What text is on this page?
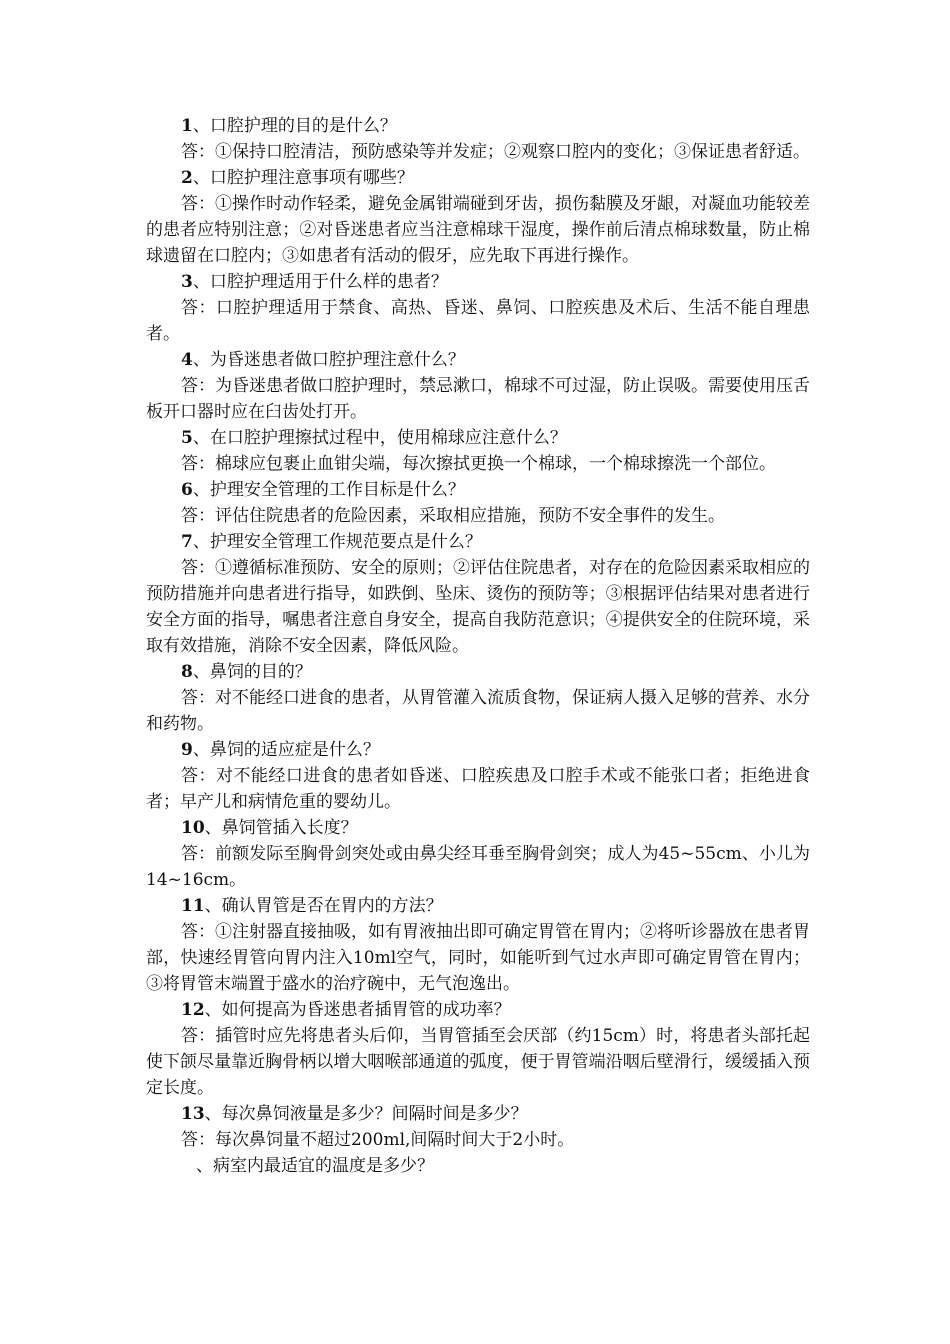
1、口腔护理的目的是什么？

答：①保持口腔清洁，预防感染等并发症；②观察口腔内的变化；③保证患者舒适。

2、口腔护理注意事项有哪些？

答：①操作时动作轻柔，避免金属钳端碰到牙齿，损伤黏膜及牙龈，对凝血功能较差的患者应特别注意；②对昏迷患者应当注意棉球干湿度，操作前后清点棉球数量，防止棉球遗留在口腔内；③如患者有活动的假牙，应先取下再进行操作。

3、口腔护理适用于什么样的患者？

答：口腔护理适用于禁食、高热、昏迷、鼻饲、口腔疾患及术后、生活不能自理患者。

4、为昏迷患者做口腔护理注意什么？

答：为昏迷患者做口腔护理时，禁忌漱口，棉球不可过湿，防止误吸。需要使用压舌板开口器时应在臼齿处打开。

5、在口腔护理擦拭过程中，使用棉球应注意什么？

答：棉球应包裹止血钳尖端，每次擦拭更换一个棉球，一个棉球擦洗一个部位。

6、护理安全管理的工作目标是什么？

答：评估住院患者的危险因素，采取相应措施，预防不安全事件的发生。

7、护理安全管理工作规范要点是什么？

答：①遵循标准预防、安全的原则；②评估住院患者，对存在的危险因素采取相应的预防措施并向患者进行指导，如跌倒、坠床、烫伤的预防等；③根据评估结果对患者进行安全方面的指导，嘱患者注意自身安全，提高自我防范意识；④提供安全的住院环境，采取有效措施，消除不安全因素，降低风险。

8、鼻饲的目的？

答：对不能经口进食的患者，从胃管灌入流质食物，保证病人摄入足够的营养、水分和药物。

9、鼻饲的适应症是什么？

答：对不能经口进食的患者如昏迷、口腔疾患及口腔手术或不能张口者；拒绝进食者；早产儿和病情危重的婴幼儿。

10、鼻饲管插入长度？

答：前额发际至胸骨剑突处或由鼻尖经耳垂至胸骨剑突；成人为45~55cm、小儿为14~16cm。

11、确认胃管是否在胃内的方法？

答：①注射器直接抽吸，如有胃液抽出即可确定胃管在胃内；②将听诊器放在患者胃部，快速经胃管向胃内注入10ml空气，同时，如能听到气过水声即可确定胃管在胃内；③将胃管末端置于盛水的治疗碗中，无气泡逸出。

12、如何提高为昏迷患者插胃管的成功率？

答：插管时应先将患者头后仰，当胃管插至会厌部（约15cm）时，将患者头部托起使下颌尽量靠近胸骨柄以增大咽喉部通道的弧度，便于胃管端沿咽后壁滑行，缓缓插入预定长度。

13、每次鼻饲液量是多少？间隔时间是多少？

答：每次鼻饲量不超过200ml,间隔时间大于2小时。

、病室内最适宜的温度是多少？
